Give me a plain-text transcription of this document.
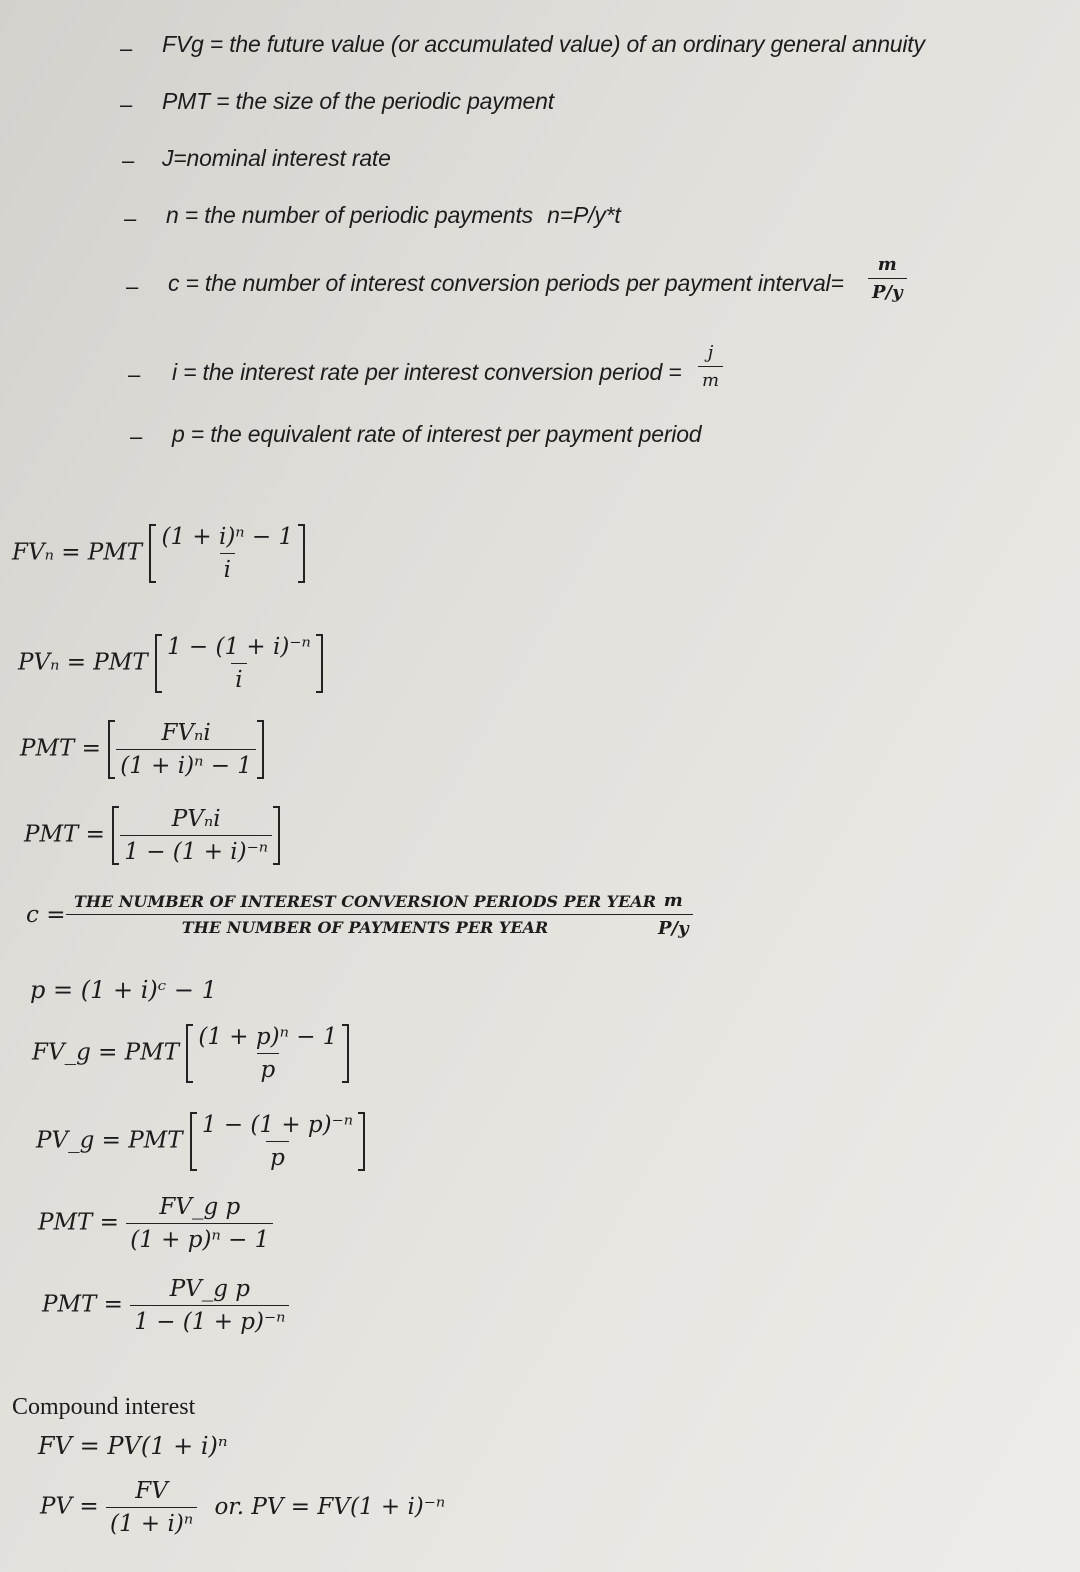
– FVg = the future value (or accumulated value) of an ordinary general annuity
– PMT = the size of the periodic payment
– J=nominal interest rate
– n = the number of periodic payments n=P/y*t
– c = the number of interest conversion periods per payment interval= $\frac{m}{P/y}$
– i = the interest rate per interest conversion period = $\frac{j}{m}$
– p = the equivalent rate of interest per payment period
FVₙ = PMT $\frac{\text{(1 + i)ⁿ − 1}}{i}$
PVₙ = PMT $\frac{\text{1 − (1 + i)⁻ⁿ}}{i}$
PMT = $\frac{\text{FVₙi}}{\text{(1 + i)ⁿ − 1}}$
PMT = $\frac{\text{PVₙi}}{\text{1 − (1 + i)⁻ⁿ}}$
c =
THE NUMBER OF INTEREST CONVERSION PERIODS PER YEAR
THE NUMBER OF PAYMENTS PER YEAR	$\frac{m}{P/y}$
p = (1 + i)ᶜ − 1
FV_g = PMT $\frac{\text{(1 + p)ⁿ − 1}}{p}$
PV_g = PMT $\frac{\text{1 − (1 + p)⁻ⁿ}}{p}$
PMT = $\frac{\text{FV\_g p}}{\text{(1 + p)ⁿ − 1}}$
PMT = $\frac{\text{PV\_g p}}{\text{1 − (1 + p)⁻ⁿ}}$
Compound interest
FV = PV(1 + i)ⁿ
PV = $\frac{FV}{\text{(1 + i)ⁿ}}$ or. PV = FV(1 + i)⁻ⁿ
